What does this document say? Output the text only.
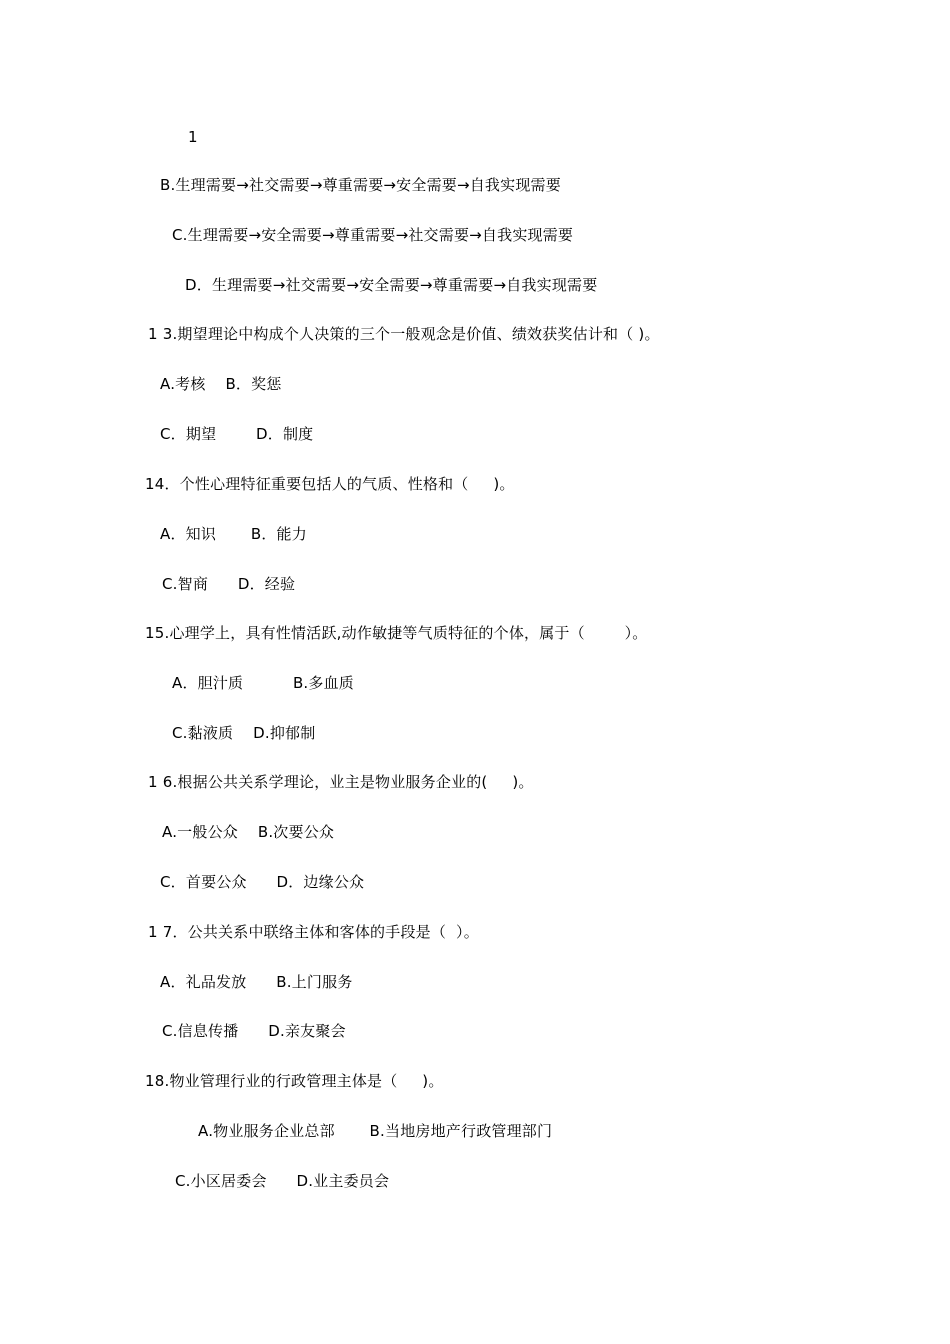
1
B.生理需要→社交需要→尊重需要→安全需要→自我实现需要
C.生理需要→安全需要→尊重需要→社交需要→自我实现需要
D．生理需要→社交需要→安全需要→尊重需要→自我实现需要
1 3.期望理论中构成个人决策的三个一般观念是价值、绩效获奖估计和（ )。
A.考核    B．奖惩
C．期望        D．制度
14．个性心理特征重要包括人的气质、性格和（     )。
A．知识       B．能力
C.智商      D．经验
15.心理学上，具有性情活跃,动作敏捷等气质特征的个体，属于（        ）。
A．胆汁质          B.多血质
C.黏液质    D.抑郁制
1 6.根据公共关系学理论，业主是物业服务企业的(     )。
A.一般公众    B.次要公众
C．首要公众      D．边缘公众
1 7．公共关系中联络主体和客体的手段是（  ）。
A．礼品发放      B.上门服务
C.信息传播      D.亲友聚会
18.物业管理行业的行政管理主体是（     )。
A.物业服务企业总部       B.当地房地产行政管理部门
C.小区居委会      D.业主委员会
